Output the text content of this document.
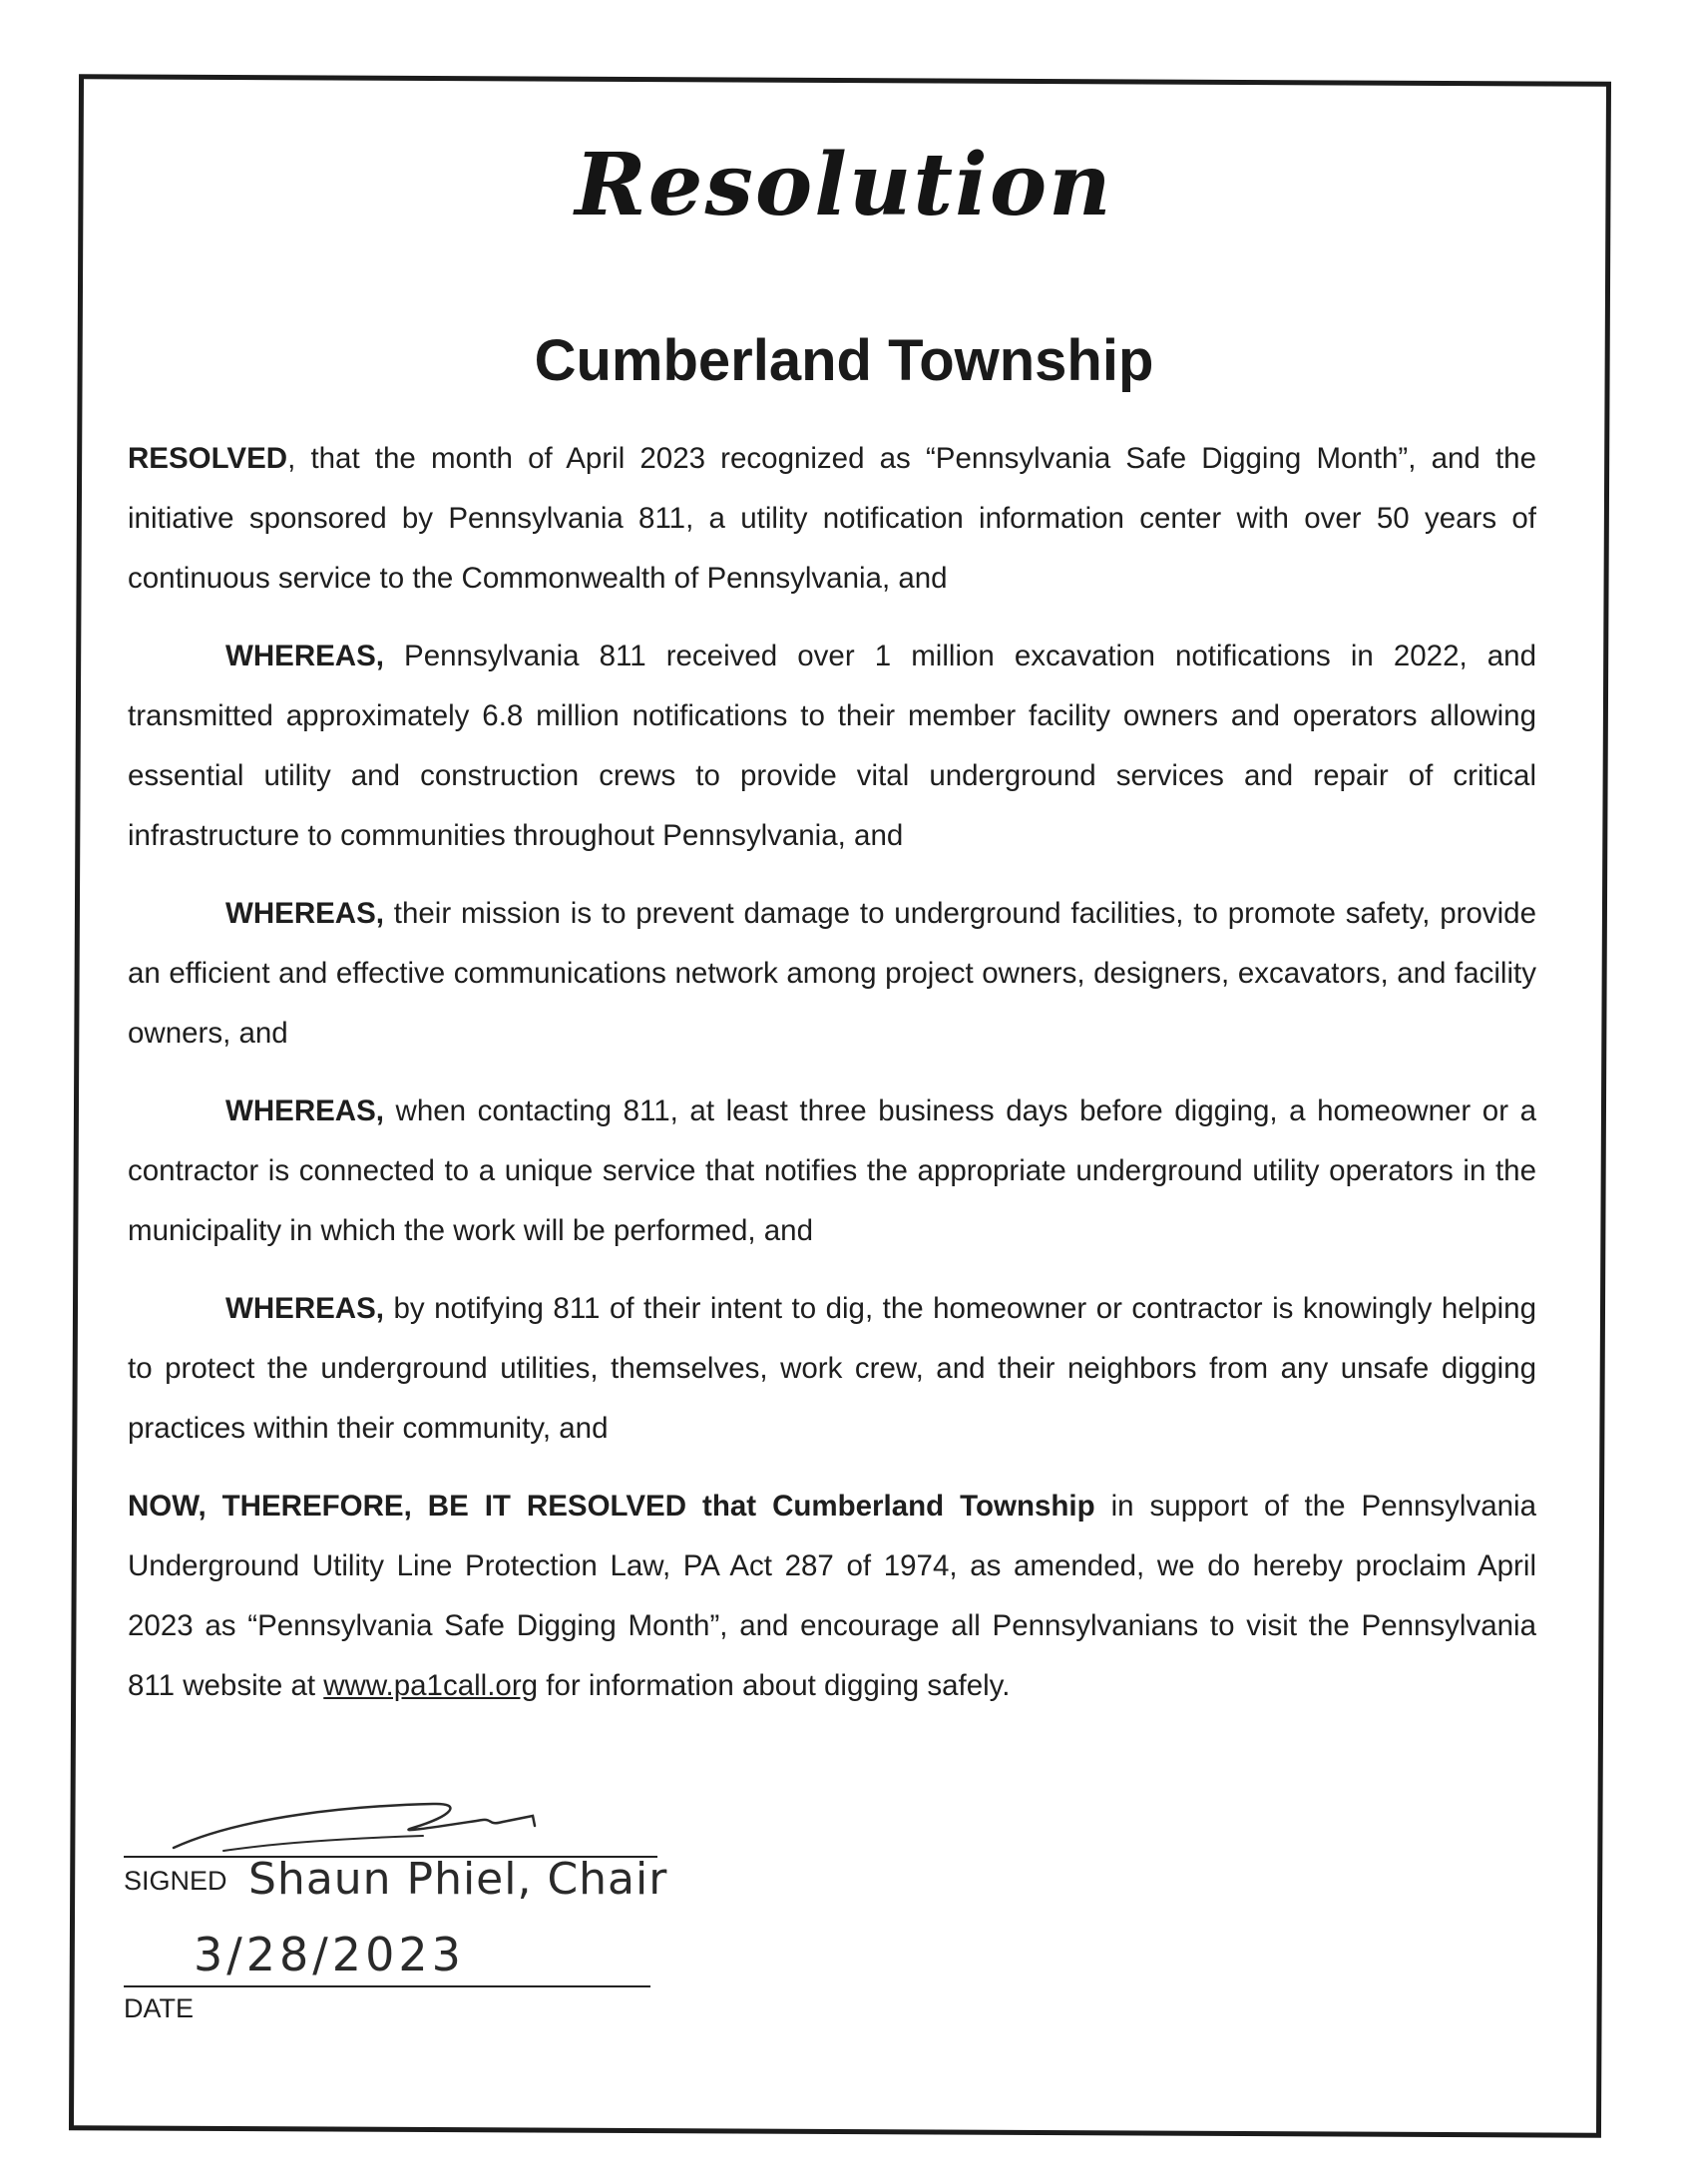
Resolution
Cumberland Township

RESOLVED, that the month of April 2023 recognized as “Pennsylvania Safe Digging Month”, and the initiative sponsored by Pennsylvania 811, a utility notification information center with over 50 years of continuous service to the Commonwealth of Pennsylvania, and

WHEREAS, Pennsylvania 811 received over 1 million excavation notifications in 2022, and transmitted approximately 6.8 million notifications to their member facility owners and operators allowing essential utility and construction crews to provide vital underground services and repair of critical infrastructure to communities throughout Pennsylvania, and

WHEREAS, their mission is to prevent damage to underground facilities, to promote safety, provide an efficient and effective communications network among project owners, designers, excavators, and facility owners, and

WHEREAS, when contacting 811, at least three business days before digging, a homeowner or a contractor is connected to a unique service that notifies the appropriate underground utility operators in the municipality in which the work will be performed, and

WHEREAS, by notifying 811 of their intent to dig, the homeowner or contractor is knowingly helping to protect the underground utilities, themselves, work crew, and their neighbors from any unsafe digging practices within their community, and

NOW, THEREFORE, BE IT RESOLVED that Cumberland Township in support of the Pennsylvania Underground Utility Line Protection Law, PA Act 287 of 1974, as amended, we do hereby proclaim April 2023 as “Pennsylvania Safe Digging Month”, and encourage all Pennsylvanians to visit the Pennsylvania 811 website at www.pa1call.org for information about digging safely.

SIGNED Shaun Phiel, Chair
3/28/2023
DATE
